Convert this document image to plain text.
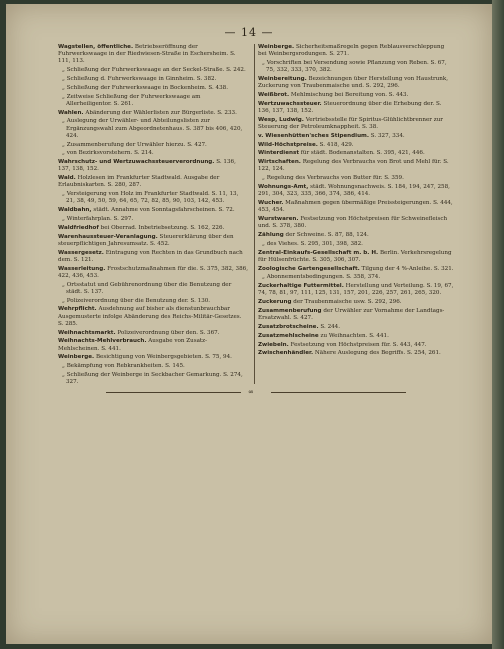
— 14 —
Wagstellen, öffentliche. Betriebseröffnung der Fuhrwerkswaage in der Riedwiesen-Straße in Eschersheim. S. 111, 113.
„ Schließung der Fuhrwerkswaage an der Seckel-Straße. S. 242.
„ Schließung d. Fuhrwerkswaage in Ginnheim. S. 382.
„ Schließung der Fuhrwerkswaage in Bockenheim. S. 438.
„ Zeitweise Schließung der Fuhrwerkswaage am Allerheiligentor. S. 261.
Wahlen. Abänderung der Wählerlisten zur Bürgerliste. S. 233.
„ Auslegung der Urwähler- und Abteilungslisten zur Ergänzungswahl zum Abgeordnetenhaus. S. 387 bis 406, 420, 424.
„ Zusammenberufung der Urwähler hierzu. S. 427.
„ von Bezirksvorstehern. S. 214.
Wahrschutz- und Wertzuwachssteuerverordnung. S. 136, 137, 138, 152.
Wald. Holzlesen im Frankfurter Stadtwald. Ausgabe der Erlaubniskarten. S. 280, 287.
„ Versteigerung von Holz im Frankfurter Stadtwald. S. 11, 13, 21, 38, 49, 50, 59, 64, 65, 72, 82, 85, 90, 103, 142, 453.
Waldbahn, städt. Annahme von Sonntagsfahrscheinen. S. 72.
„ Winterfahrplan. S. 297.
Waldfriedhof bei Oberrad. Inbetriebsetzung. S. 162, 226.
Warenhaussteuer-Veranlagung. Steuererklärung über den steuerpflichtigen Jahresumsatz. S. 452.
Wassergesetz. Eintragung von Rechten in das Grundbuch nach dem. S. 121.
Wasserleitung. Frostschutzmaßnahmen für die. S. 375, 382, 386, 422, 436, 453.
„ Ortsstatut und Gebührenordnung über die Benutzung der städt. S. 137.
„ Polizeiverordnung über die Benutzung der. S. 130.
Wehrpflicht. Ausdehnung auf bisher als dienstunbrauchbar Ausgemusterte infolge Abänderung des Reichs-Militär-Gesetzes. S. 285.
Weihnachtsmarkt. Polizeiverordnung über den. S. 367.
Weihnachts-Mehlverbrauch. Ausgabe von Zusatz-Mehlscheinen. S. 441.
Weinberge. Besichtigung von Weinbergsgebieten. S. 75, 94.
„ Bekämpfung von Rebkrankheiten. S. 145.
„ Schließung der Weinberge in Seckbacher Gemarkung. S. 274, 327.
Weinberge. Sicherheitsmaßregeln gegen Reblausverschleppung bei Weinbergsrodungen. S. 271.
„ Vorschriften bei Versendung sowie Pflanzung von Reben. S. 67, 75, 332, 333, 370, 382.
Weinbereitung. Bezeichnungen über Herstellung von Haustrunk, Zuckerung von Traubenmaische und. S. 292, 296.
Weißbrot. Mehlmischung bei Bereitung von. S. 443.
Wertzuwachssteuer. Steuerordnung über die Erhebung der. S. 136, 137, 138, 152.
Wesp, Ludwig. Vertriebsstelle für Spiritus-Glühlichtbrenner zur Steuerung der Petroleumknappheit. S. 38.
v. Wiesenhütten'sches Stipendium. S. 327, 334.
Wild-Höchstpreise. S. 418, 429.
Winterdienst für städt. Bodenanstalten. S. 395, 421, 446.
Wirtschaften. Regelung des Verbrauchs von Brot und Mehl für. S. 122, 124.
„ Regelung des Verbrauchs von Butter für. S. 359.
Wohnungs-Amt, städt. Wohnungsnachweis. S. 184, 194, 247, 258, 291, 304, 323, 335, 366, 374, 386, 414.
Wucher. Maßnahmen gegen übermäßige Preissteigerungen. S. 444, 453, 454.
Wurstwaren. Festsetzung von Höchstpreisen für Schweinefleisch und. S. 378, 380.
Zählung der Schweine. S. 87, 88, 124.
„ des Viehes. S. 295, 301, 398, 382.
Zentral-Einkaufs-Gesellschaft m. b. H. Berlin. Verkehrsregelung für Hülsenfrüchte. S. 305, 306, 307.
Zoologische Gartengesellschaft. Tilgung der 4 %-Anleihe. S. 321.
„ Abonnementsbedingungen. S. 358, 374.
Zuckerhaltige Futtermittel. Herstellung und Verteilung. S. 19, 67, 74, 78, 81, 97, 111, 125, 131, 157, 201, 226, 257, 261, 265, 320.
Zuckerung der Traubenmaische usw. S. 292, 296.
Zusammenberufung der Urwähler zur Vornahme der Landtags-Ersatzwahl. S. 427.
Zusatzbrotscheine. S. 244.
Zusatzmehlscheine zu Weihnachten. S. 441.
Zwiebeln. Festsetzung von Höchstpreisen für. S. 443, 447.
Zwischenhändler. Nähere Auslegung des Begriffs. S. 254, 261.
∞
